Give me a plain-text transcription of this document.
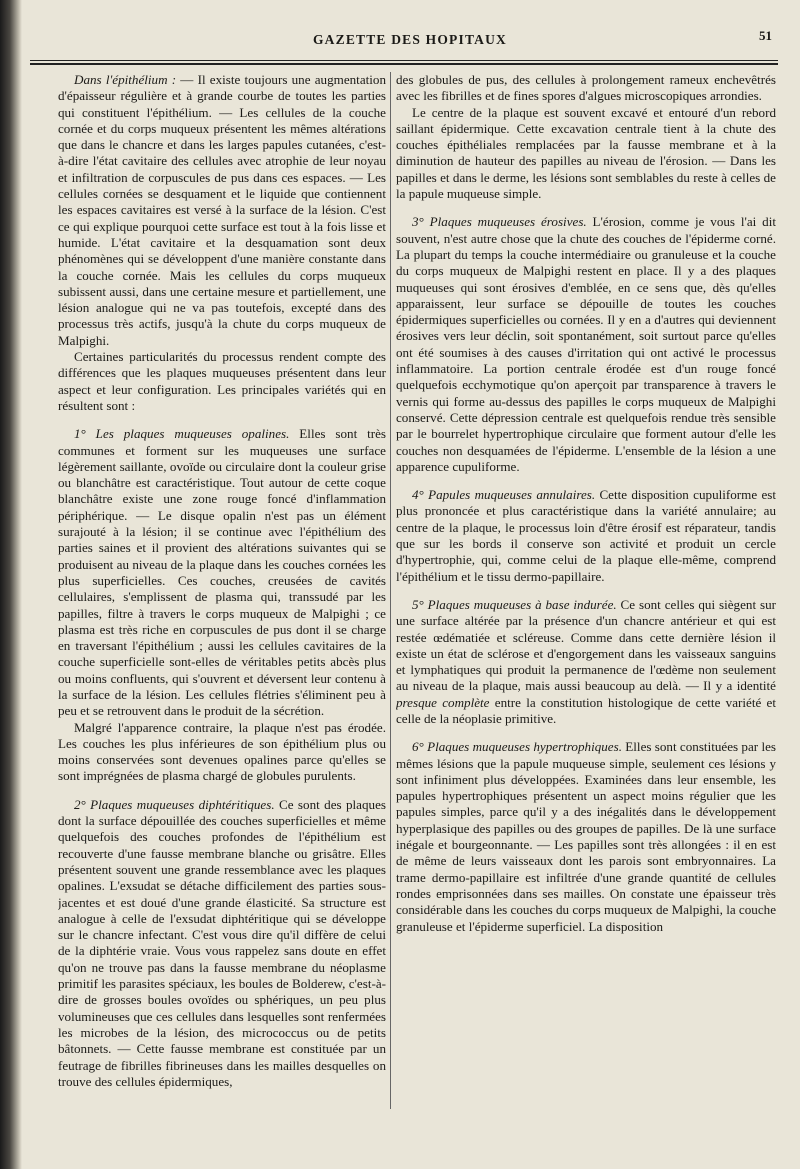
GAZETTE DES HOPITAUX	51

Dans l'épithélium : — Il existe toujours une augmentation d'épaisseur régulière et à grande courbe de toutes les parties qui constituent l'épithélium. — Les cellules de la couche cornée et du corps muqueux présentent les mêmes altérations que dans le chancre et dans les larges papules cutanées, c'est-à-dire l'état cavitaire des cellules avec atrophie de leur noyau et infiltration de corpuscules de pus dans ces espaces. — Les cellules cornées se desquament et le liquide que contiennent les espaces cavitaires est versé à la surface de la lésion. C'est ce qui explique pourquoi cette surface est tout à la fois lisse et humide. L'état cavitaire et la desquamation sont deux phénomènes qui se développent d'une manière constante dans la couche cornée. Mais les cellules du corps muqueux subissent aussi, dans une certaine mesure et partiellement, une lésion analogue qui ne va pas toutefois, excepté dans des processus très actifs, jusqu'à la chute du corps muqueux de Malpighi.

Certaines particularités du processus rendent compte des différences que les plaques muqueuses présentent dans leur aspect et leur configuration. Les principales variétés qui en résultent sont :

1° Les plaques muqueuses opalines. Elles sont très communes et forment sur les muqueuses une surface légèrement saillante, ovoïde ou circulaire dont la couleur grise ou blanchâtre est caractéristique. Tout autour de cette coque blanchâtre existe une zone rouge foncé d'inflammation périphérique. — Le disque opalin n'est pas un élément surajouté à la lésion; il se continue avec l'épithélium des parties saines et il provient des altérations suivantes qui se produisent au niveau de la plaque dans les couches cornées les plus superficielles. Ces couches, creusées de cavités cellulaires, s'emplissent de plasma qui, transsudé par les papilles, filtre à travers le corps muqueux de Malpighi ; ce plasma est très riche en corpuscules de pus dont il se charge en traversant l'épithélium ; aussi les cellules cavitaires de la couche superficielle sont-elles de véritables petits abcès plus ou moins confluents, qui s'ouvrent et déversent leur contenu à la surface de la lésion. Les cellules flétries s'éliminent peu à peu et se retrouvent dans le produit de la sécrétion.

Malgré l'apparence contraire, la plaque n'est pas érodée. Les couches les plus inférieures de son épithélium plus ou moins conservées sont devenues opalines parce qu'elles se sont imprégnées de plasma chargé de globules purulents.

2° Plaques muqueuses diphtéritiques. Ce sont des plaques dont la surface dépouillée des couches superficielles et même quelquefois des couches profondes de l'épithélium est recouverte d'une fausse membrane blanche ou grisâtre. Elles présentent souvent une grande ressemblance avec les plaques opalines. L'exsudat se détache difficilement des parties sous-jacentes et est doué d'une grande élasticité. Sa structure est analogue à celle de l'exsudat diphtéritique qui se développe sur le chancre infectant. C'est vous dire qu'il diffère de celui de la diphtérie vraie. Vous vous rappelez sans doute en effet qu'on ne trouve pas dans la fausse membrane du néoplasme primitif les parasites spéciaux, les boules de Bolderew, c'est-à-dire de grosses boules ovoïdes ou sphériques, un peu plus volumineuses que ces cellules dans lesquelles sont renfermées les microbes de la lésion, des micrococcus ou de petits bâtonnets. — Cette fausse membrane est constituée par un feutrage de fibrilles fibrineuses dans les mailles desquelles on trouve des cellules épidermiques,

des globules de pus, des cellules à prolongement rameux enchevêtrés avec les fibrilles et de fines spores d'algues microscopiques arrondies.

Le centre de la plaque est souvent excavé et entouré d'un rebord saillant épidermique. Cette excavation centrale tient à la chute des couches épithéliales remplacées par la fausse membrane et à la diminution de hauteur des papilles au niveau de l'érosion. — Dans les papilles et dans le derme, les lésions sont semblables du reste à celles de la papule muqueuse simple.

3° Plaques muqueuses érosives. L'érosion, comme je vous l'ai dit souvent, n'est autre chose que la chute des couches de l'épiderme corné. La plupart du temps la couche intermédiaire ou granuleuse et la couche du corps muqueux de Malpighi restent en place. Il y a des plaques muqueuses qui sont érosives d'emblée, en ce sens que, dès qu'elles apparaissent, leur surface se dépouille de toutes les couches épidermiques superficielles ou cornées. Il y en a d'autres qui deviennent érosives vers leur déclin, soit spontanément, soit surtout parce qu'elles ont été soumises à des causes d'irritation qui ont activé le processus inflammatoire. La portion centrale érodée est d'un rouge foncé quelquefois ecchymotique qu'on aperçoit par transparence à travers le vernis qui forme au-dessus des papilles le corps muqueux de Malpighi conservé. Cette dépression centrale est quelquefois rendue très sensible par le bourrelet hypertrophique circulaire que forment autour d'elle les couches non desquamées de l'épiderme. L'ensemble de la lésion a une apparence cupuliforme.

4° Papules muqueuses annulaires. Cette disposition cupuliforme est plus prononcée et plus caractéristique dans la variété annulaire; au centre de la plaque, le processus loin d'être érosif est réparateur, tandis que sur les bords il conserve son activité et produit un cercle d'hypertrophie, qui, comme celui de la plaque elle-même, comprend l'épithélium et le tissu dermo-papillaire.

5° Plaques muqueuses à base indurée. Ce sont celles qui siègent sur une surface altérée par la présence d'un chancre antérieur et qui est restée œdématiée et scléreuse. Comme dans cette dernière lésion il existe un état de sclérose et d'engorgement dans les vaisseaux sanguins et lymphatiques qui produit la permanence de l'œdème non seulement au niveau de la plaque, mais aussi beaucoup au delà. — Il y a identité presque complète entre la constitution histologique de cette variété et celle de la néoplasie primitive.

6° Plaques muqueuses hypertrophiques. Elles sont constituées par les mêmes lésions que la papule muqueuse simple, seulement ces lésions y sont infiniment plus développées. Examinées dans leur ensemble, les papules hypertrophiques présentent un aspect moins régulier que les papules simples, parce qu'il y a des inégalités dans le développement hyperplasique des papilles ou des groupes de papilles. De là une surface inégale et bourgeonnante. — Les papilles sont très allongées : il en est de même de leurs vaisseaux dont les parois sont embryonnaires. La trame dermo-papillaire est infiltrée d'une grande quantité de cellules rondes emprisonnées dans ses mailles. On constate une épaisseur très considérable dans les couches du corps muqueux de Malpighi, la couche granuleuse et l'épiderme superficiel. La disposition
